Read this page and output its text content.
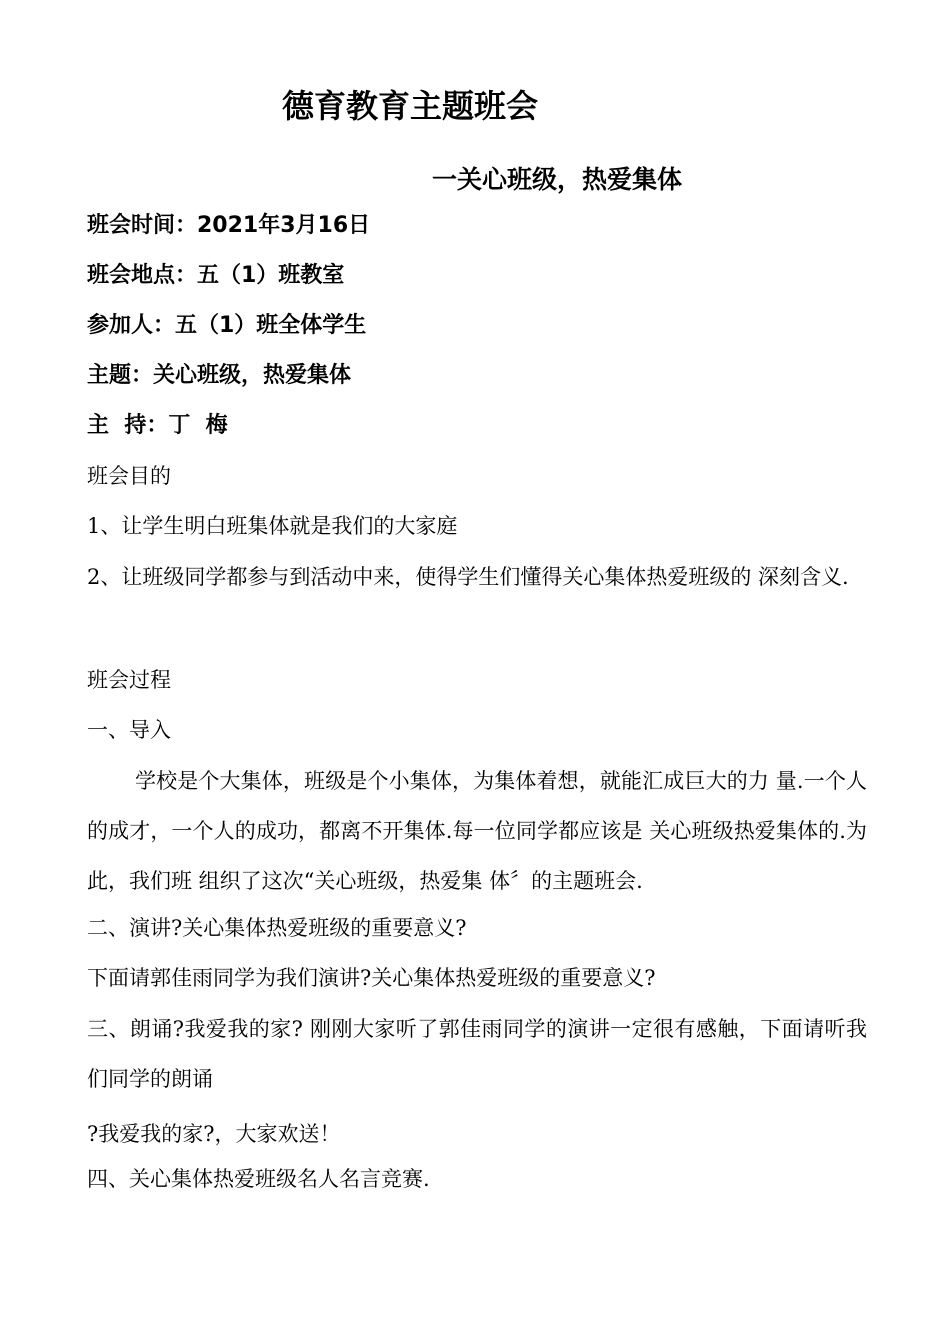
德育教育主题班会
一关心班级，热爱集体
班会时间：2021年3月16日
班会地点：五（1）班教室
参加人：五（1）班全体学生
主题：关心班级，热爱集体
主  持：丁  梅
班会目的
1、让学生明白班集体就是我们的大家庭
2、让班级同学都参与到活动中来，使得学生们懂得关心集体热爱班级的 深刻含义.
班会过程
一、导入
学校是个大集体，班级是个小集体，为集体着想，就能汇成巨大的力 量.一个人的成才，一个人的成功，都离不开集体.每一位同学都应该是 关心班级热爱集体的.为此，我们班 组织了这次“关心班级，热爱集 体〞的主题班会.
二、演讲?关心集体热爱班级的重要意义?
下面请郭佳雨同学为我们演讲?关心集体热爱班级的重要意义?
三、朗诵?我爱我的家? 刚刚大家听了郭佳雨同学的演讲一定很有感触，下面请听我们同学的朗诵
?我爱我的家?，大家欢送！
四、关心集体热爱班级名人名言竞赛.
